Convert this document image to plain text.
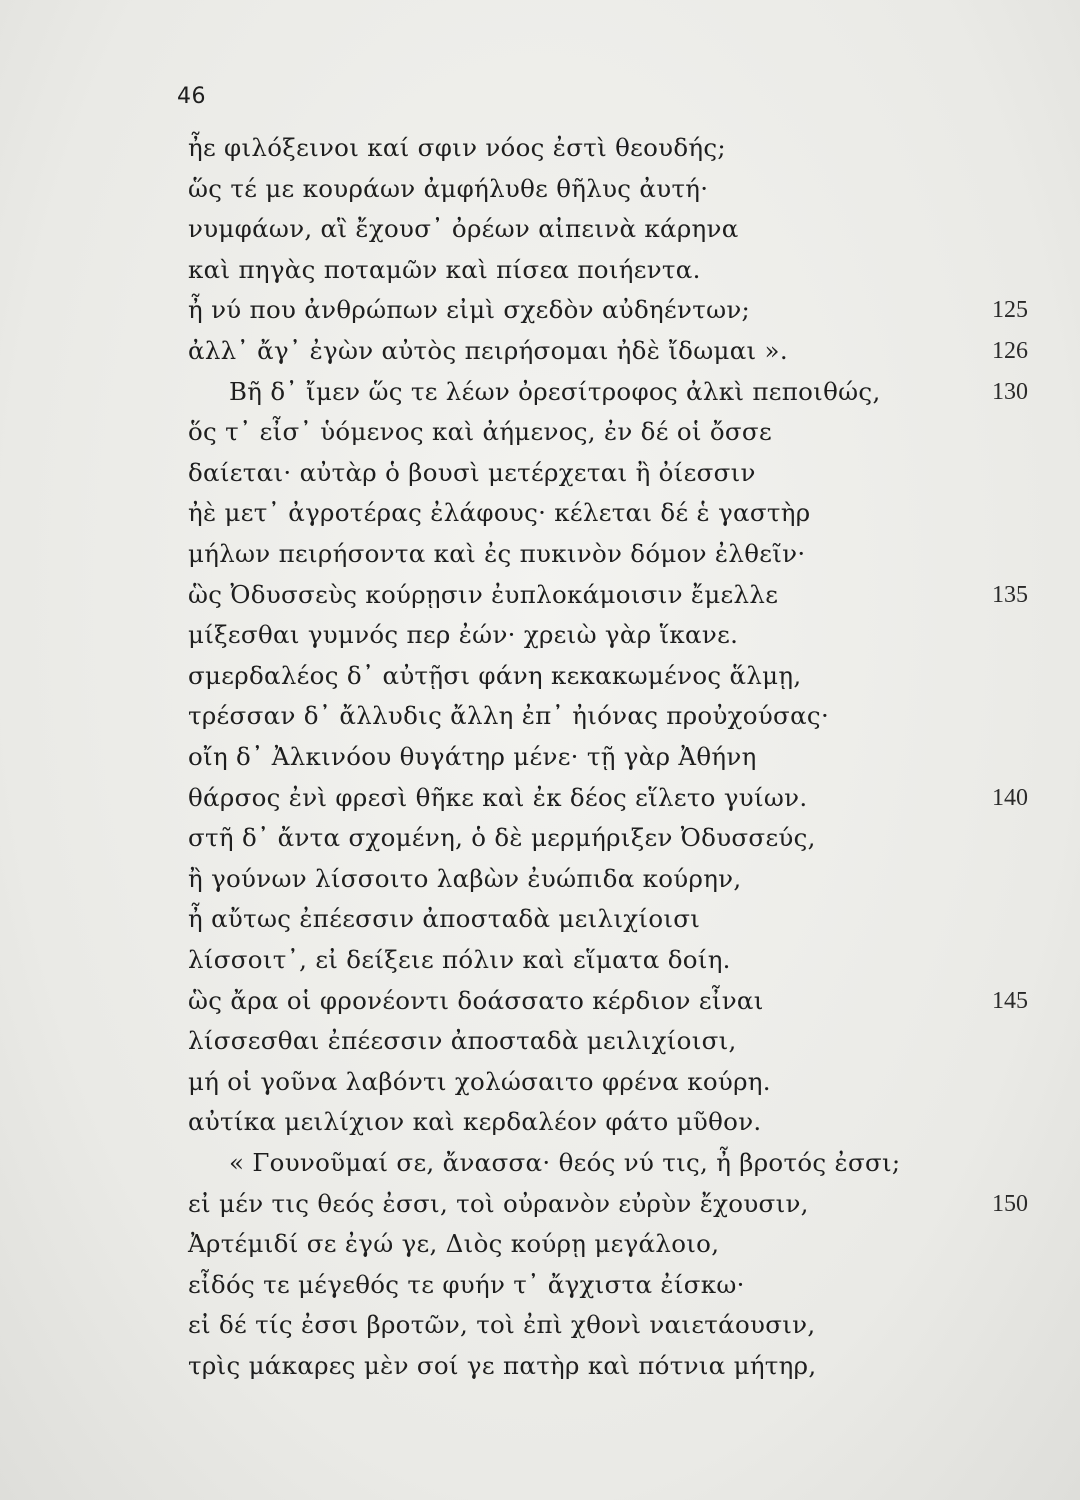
46
ἦε φιλόξεινοι καί σφιν νόος ἐστὶ θεουδής;
ὥς τέ με κουράων ἀμφήλυθε θῆλυς ἀυτή·
νυμφάων, αἳ ἔχουσ᾽ ὀρέων αἰπεινὰ κάρηνα
καὶ πηγὰς ποταμῶν καὶ πίσεα ποιήεντα.
ἦ νύ που ἀνθρώπων εἰμὶ σχεδὸν αὐδηέντων;	125
ἀλλ᾽ ἄγ᾽ ἐγὼν αὐτὸς πειρήσομαι ἠδὲ ἴδωμαι ».	126
Βῆ δ᾽ ἴμεν ὥς τε λέων ὀρεσίτροφος ἀλκὶ πεποιθώς,	130
ὅς τ᾽ εἶσ᾽ ὑόμενος καὶ ἀήμενος, ἐν δέ οἱ ὄσσε
δαίεται· αὐτὰρ ὁ βουσὶ μετέρχεται ἢ ὀίεσσιν
ἠὲ μετ᾽ ἀγροτέρας ἐλάφους· κέλεται δέ ἑ γαστὴρ
μήλων πειρήσοντα καὶ ἐς πυκινὸν δόμον ἐλθεῖν·
ὣς Ὀδυσσεὺς κούρῃσιν ἐυπλοκάμοισιν ἔμελλε	135
μίξεσθαι γυμνός περ ἐών· χρειὼ γὰρ ἵκανε.
σμερδαλέος δ᾽ αὐτῇσι φάνη κεκακωμένος ἅλμῃ,
τρέσσαν δ᾽ ἄλλυδις ἄλλη ἐπ᾽ ἠιόνας προὐχούσας·
οἴη δ᾽ Ἀλκινόου θυγάτηρ μένε· τῇ γὰρ Ἀθήνη
θάρσος ἐνὶ φρεσὶ θῆκε καὶ ἐκ δέος εἵλετο γυίων.	140
στῆ δ᾽ ἄντα σχομένη, ὁ δὲ μερμήριξεν Ὀδυσσεύς,
ἢ γούνων λίσσοιτο λαβὼν ἐυώπιδα κούρην,
ἦ αὔτως ἐπέεσσιν ἀποσταδὰ μειλιχίοισι
λίσσοιτ᾽, εἰ δείξειε πόλιν καὶ εἵματα δοίη.
ὣς ἄρα οἱ φρονέοντι δοάσσατο κέρδιον εἶναι	145
λίσσεσθαι ἐπέεσσιν ἀποσταδὰ μειλιχίοισι,
μή οἱ γοῦνα λαβόντι χολώσαιτο φρένα κούρη.
αὐτίκα μειλίχιον καὶ κερδαλέον φάτο μῦθον.
« Γουνοῦμαί σε, ἄνασσα· θεός νύ τις, ἦ βροτός ἐσσι;
εἰ μέν τις θεός ἐσσι, τοὶ οὐρανὸν εὐρὺν ἔχουσιν,	150
Ἀρτέμιδί σε ἐγώ γε, Διὸς κούρῃ μεγάλοιο,
εἶδός τε μέγεθός τε φυήν τ᾽ ἄγχιστα ἐίσκω·
εἰ δέ τίς ἐσσι βροτῶν, τοὶ ἐπὶ χθονὶ ναιετάουσιν,
τρὶς μάκαρες μὲν σοί γε πατὴρ καὶ πότνια μήτηρ,
